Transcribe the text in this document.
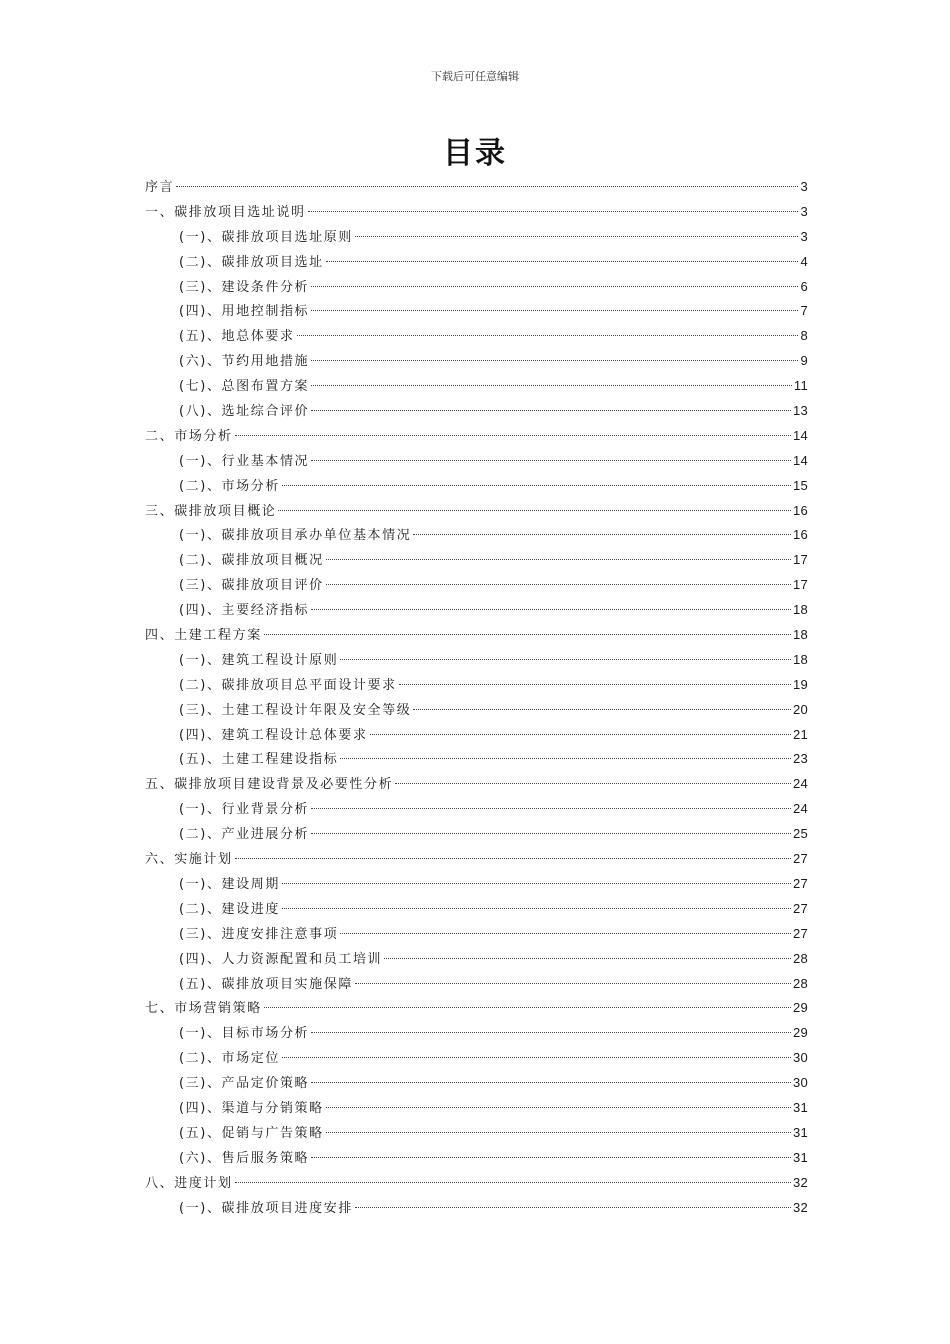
下载后可任意编辑
目录
序言	3
一、碳排放项目选址说明	3
(一)、碳排放项目选址原则	3
(二)、碳排放项目选址	4
(三)、建设条件分析	6
(四)、用地控制指标	7
(五)、地总体要求	8
(六)、节约用地措施	9
(七)、总图布置方案	11
(八)、选址综合评价	13
二、市场分析	14
(一)、行业基本情况	14
(二)、市场分析	15
三、碳排放项目概论	16
(一)、碳排放项目承办单位基本情况	16
(二)、碳排放项目概况	17
(三)、碳排放项目评价	17
(四)、主要经济指标	18
四、土建工程方案	18
(一)、建筑工程设计原则	18
(二)、碳排放项目总平面设计要求	19
(三)、土建工程设计年限及安全等级	20
(四)、建筑工程设计总体要求	21
(五)、土建工程建设指标	23
五、碳排放项目建设背景及必要性分析	24
(一)、行业背景分析	24
(二)、产业进展分析	25
六、实施计划	27
(一)、建设周期	27
(二)、建设进度	27
(三)、进度安排注意事项	27
(四)、人力资源配置和员工培训	28
(五)、碳排放项目实施保障	28
七、市场营销策略	29
(一)、目标市场分析	29
(二)、市场定位	30
(三)、产品定价策略	30
(四)、渠道与分销策略	31
(五)、促销与广告策略	31
(六)、售后服务策略	31
八、进度计划	32
(一)、碳排放项目进度安排	32
